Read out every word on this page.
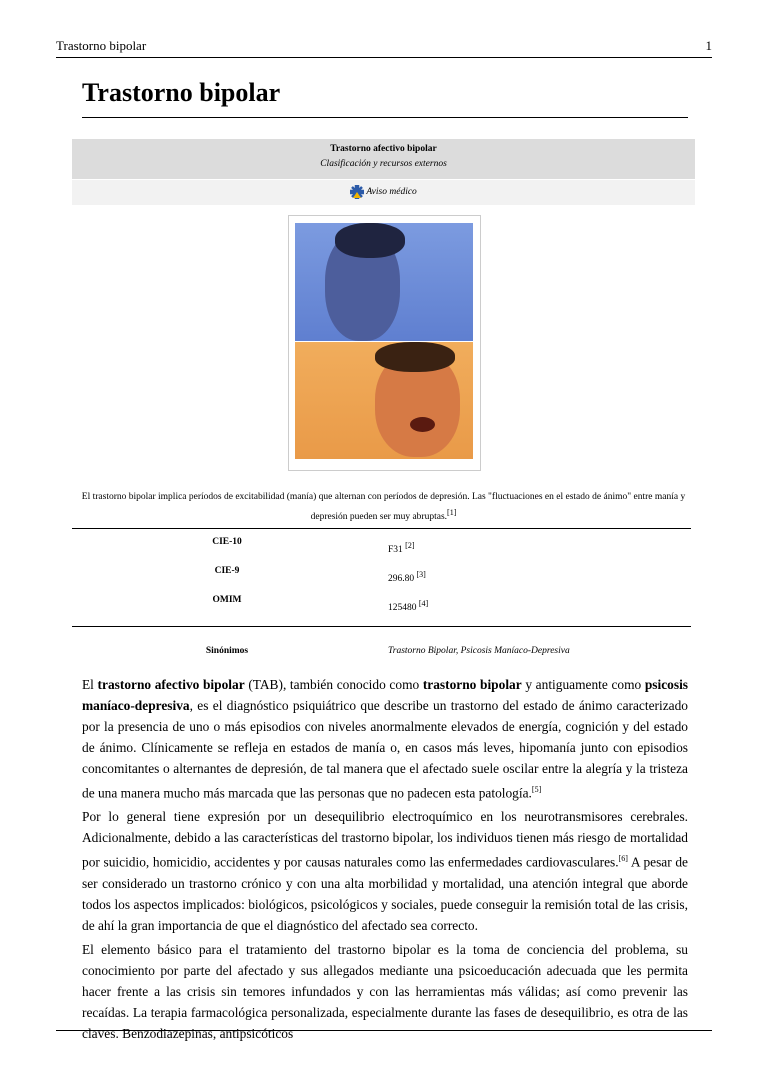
Trastorno bipolar	1
Trastorno bipolar
Trastorno afectivo bipolar
Clasificación y recursos externos
Aviso médico
El trastorno bipolar implica períodos de excitabilidad (manía) que alternan con períodos de depresión. Las "fluctuaciones en el estado de ánimo" entre manía y depresión pueden ser muy abruptas.[1]
CIE-10
F31 [2]
CIE-9
296.80 [3]
OMIM
125480 [4]
Sinónimos	Trastorno Bipolar, Psicosis Maníaco-Depresiva

El trastorno afectivo bipolar (TAB), también conocido como trastorno bipolar y antiguamente como psicosis maníaco-depresiva, es el diagnóstico psiquiátrico que describe un trastorno del estado de ánimo caracterizado por la presencia de uno o más episodios con niveles anormalmente elevados de energía, cognición y del estado de ánimo. Clínicamente se refleja en estados de manía o, en casos más leves, hipomanía junto con episodios concomitantes o alternantes de depresión, de tal manera que el afectado suele oscilar entre la alegría y la tristeza de una manera mucho más marcada que las personas que no padecen esta patología.[5]

Por lo general tiene expresión por un desequilibrio electroquímico en los neurotransmisores cerebrales. Adicionalmente, debido a las características del trastorno bipolar, los individuos tienen más riesgo de mortalidad por suicidio, homicidio, accidentes y por causas naturales como las enfermedades cardiovasculares.[6] A pesar de ser considerado un trastorno crónico y con una alta morbilidad y mortalidad, una atención integral que aborde todos los aspectos implicados: biológicos, psicológicos y sociales, puede conseguir la remisión total de las crisis, de ahí la gran importancia de que el diagnóstico del afectado sea correcto.

El elemento básico para el tratamiento del trastorno bipolar es la toma de conciencia del problema, su conocimiento por parte del afectado y sus allegados mediante una psicoeducación adecuada que les permita hacer frente a las crisis sin temores infundados y con las herramientas más válidas; así como prevenir las recaídas. La terapia farmacológica personalizada, especialmente durante las fases de desequilibrio, es otra de las claves. Benzodiazepinas, antipsicóticos
